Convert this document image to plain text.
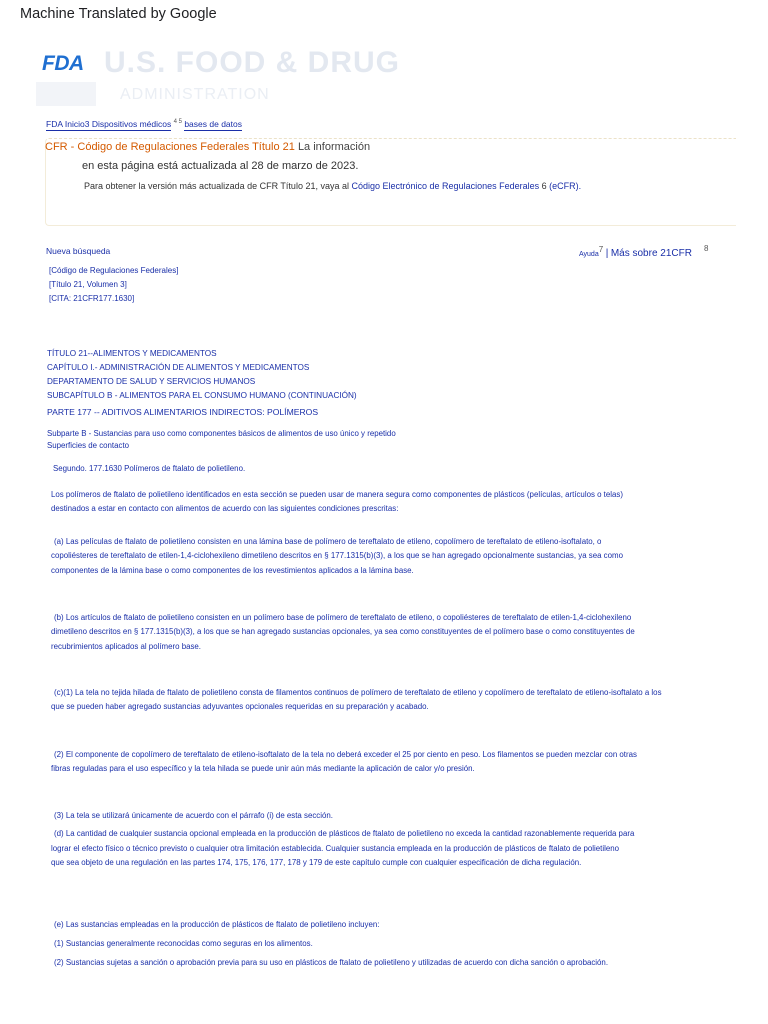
Machine Translated by Google
U.S. FOOD & DRUG
ADMINISTRATION
FDA
FDA Inicio3 Dispositivos médicos $^{4 5}$ bases de datos
CFR - Código de Regulaciones Federales Título 21 La información
en esta página está actualizada al 28 de marzo de 2023.
Para obtener la versión más actualizada de CFR Título 21, vaya al Código Electrónico de Regulaciones Federales 6 (eCFR).
Nueva búsqueda	Ayuda7 | Más sobre 21CFR 8
[Código de Regulaciones Federales]
[Título 21, Volumen 3]
[CITA: 21CFR177.1630]
TÍTULO 21--ALIMENTOS Y MEDICAMENTOS
CAPÍTULO I.- ADMINISTRACIÓN DE ALIMENTOS Y MEDICAMENTOS
DEPARTAMENTO DE SALUD Y SERVICIOS HUMANOS
SUBCAPÍTULO B - ALIMENTOS PARA EL CONSUMO HUMANO (CONTINUACIÓN)
PARTE 177 -- ADITIVOS ALIMENTARIOS INDIRECTOS: POLÍMEROS
Subparte B - Sustancias para uso como componentes básicos de alimentos de uso único y repetido
Superficies de contacto
Segundo. 177.1630 Polímeros de ftalato de polietileno.
Los polímeros de ftalato de polietileno identificados en esta sección se pueden usar de manera segura como componentes de plásticos (películas, artículos o telas)
destinados a estar en contacto con alimentos de acuerdo con las siguientes condiciones prescritas:
(a) Las películas de ftalato de polietileno consisten en una lámina base de polímero de tereftalato de etileno, copolímero de tereftalato de etileno-isoftalato, o
copoliésteres de tereftalato de etilen-1,4-ciclohexileno dimetileno descritos en § 177.1315(b)(3), a los que se han agregado opcionalmente sustancias, ya sea como
componentes de la lámina base o como componentes de los revestimientos aplicados a la lámina base.
(b) Los artículos de ftalato de polietileno consisten en un polímero base de polímero de tereftalato de etileno, o copoliésteres de tereftalato de etilen-1,4-ciclohexileno
dimetileno descritos en § 177.1315(b)(3), a los que se han agregado sustancias opcionales, ya sea como constituyentes de el polímero base o como constituyentes de
recubrimientos aplicados al polímero base.
(c)(1) La tela no tejida hilada de ftalato de polietileno consta de filamentos continuos de polímero de tereftalato de etileno y copolímero de tereftalato de etileno-isoftalato a los
que se pueden haber agregado sustancias adyuvantes opcionales requeridas en su preparación y acabado.
(2) El componente de copolímero de tereftalato de etileno-isoftalato de la tela no deberá exceder el 25 por ciento en peso. Los filamentos se pueden mezclar con otras
fibras reguladas para el uso específico y la tela hilada se puede unir aún más mediante la aplicación de calor y/o presión.
(3) La tela se utilizará únicamente de acuerdo con el párrafo (i) de esta sección.
(d) La cantidad de cualquier sustancia opcional empleada en la producción de plásticos de ftalato de polietileno no exceda la cantidad razonablemente requerida para
lograr el efecto físico o técnico previsto o cualquier otra limitación establecida. Cualquier sustancia empleada en la producción de plásticos de ftalato de polietileno
que sea objeto de una regulación en las partes 174, 175, 176, 177, 178 y 179 de este capítulo cumple con cualquier especificación de dicha regulación.
(e) Las sustancias empleadas en la producción de plásticos de ftalato de polietileno incluyen:
(1) Sustancias generalmente reconocidas como seguras en los alimentos.
(2) Sustancias sujetas a sanción o aprobación previa para su uso en plásticos de ftalato de polietileno y utilizadas de acuerdo con dicha sanción o aprobación.
